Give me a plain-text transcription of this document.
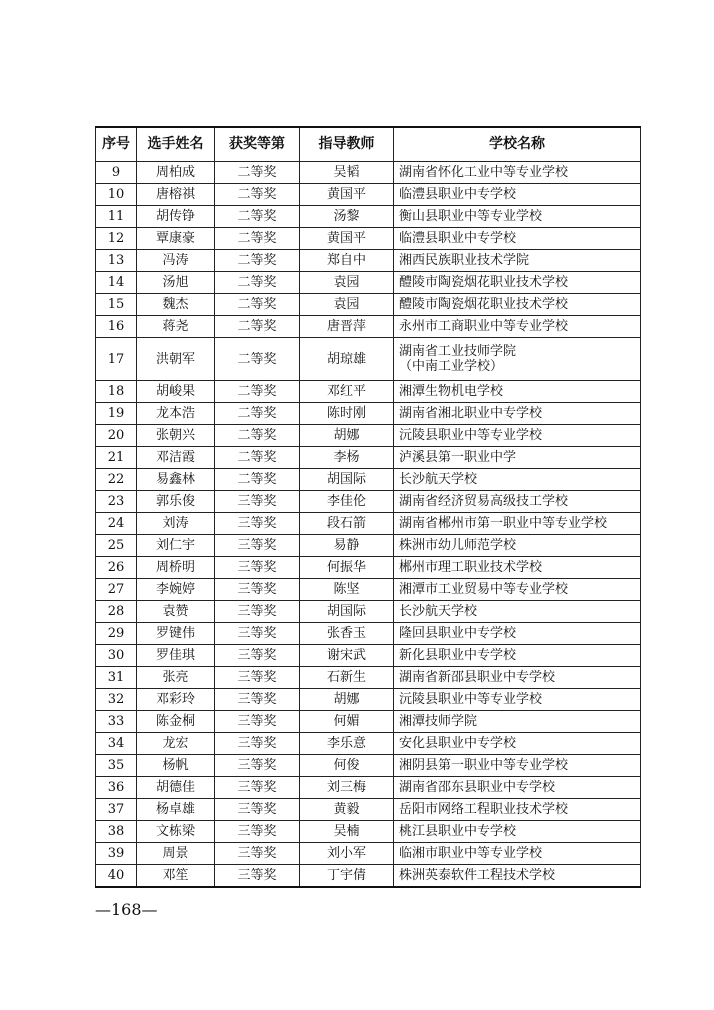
序号	选手姓名	获奖等第	指导教师	学校名称
9	周柏成	二等奖	吴韬	湖南省怀化工业中等专业学校

10	唐榕祺	二等奖	黄国平	临澧县职业中专学校

11	胡传铮	二等奖	汤黎	衡山县职业中等专业学校

12	覃康豪	二等奖	黄国平	临澧县职业中专学校

13	冯涛	二等奖	郑自中	湘西民族职业技术学院

14	汤旭	二等奖	袁园	醴陵市陶瓷烟花职业技术学校

15	魏杰	二等奖	袁园	醴陵市陶瓷烟花职业技术学校

16	蒋尧	二等奖	唐晋萍	永州市工商职业中等专业学校

17	洪朝军	二等奖	胡琼雄	湖南省工业技师学院
（中南工业学校）

18	胡峻果	二等奖	邓红平	湘潭生物机电学校

19	龙本浩	二等奖	陈时刚	湖南省湘北职业中专学校

20	张朝兴	二等奖	胡娜	沅陵县职业中等专业学校

21	邓洁霞	二等奖	李杨	泸溪县第一职业中学

22	易鑫林	二等奖	胡国际	长沙航天学校

23	郭乐俊	三等奖	李佳伦	湖南省经济贸易高级技工学校

24	刘涛	三等奖	段石箭	湖南省郴州市第一职业中等专业学校

25	刘仁宇	三等奖	易静	株洲市幼儿师范学校

26	周桥明	三等奖	何振华	郴州市理工职业技术学校

27	李婉婷	三等奖	陈坚	湘潭市工业贸易中等专业学校

28	袁赞	三等奖	胡国际	长沙航天学校

29	罗键伟	三等奖	张香玉	隆回县职业中专学校

30	罗佳琪	三等奖	谢宋武	新化县职业中专学校

31	张亮	三等奖	石新生	湖南省新邵县职业中专学校

32	邓彩玲	三等奖	胡娜	沅陵县职业中等专业学校

33	陈金桐	三等奖	何媚	湘潭技师学院

34	龙宏	三等奖	李乐意	安化县职业中专学校

35	杨帆	三等奖	何俊	湘阴县第一职业中等专业学校

36	胡德佳	三等奖	刘三梅	湖南省邵东县职业中专学校

37	杨卓雄	三等奖	黄毅	岳阳市网络工程职业技术学校

38	文栋梁	三等奖	吴楠	桃江县职业中专学校

39	周景	三等奖	刘小军	临湘市职业中等专业学校

40	邓笙	三等奖	丁宇倩	株洲英泰软件工程技术学校
—168—
